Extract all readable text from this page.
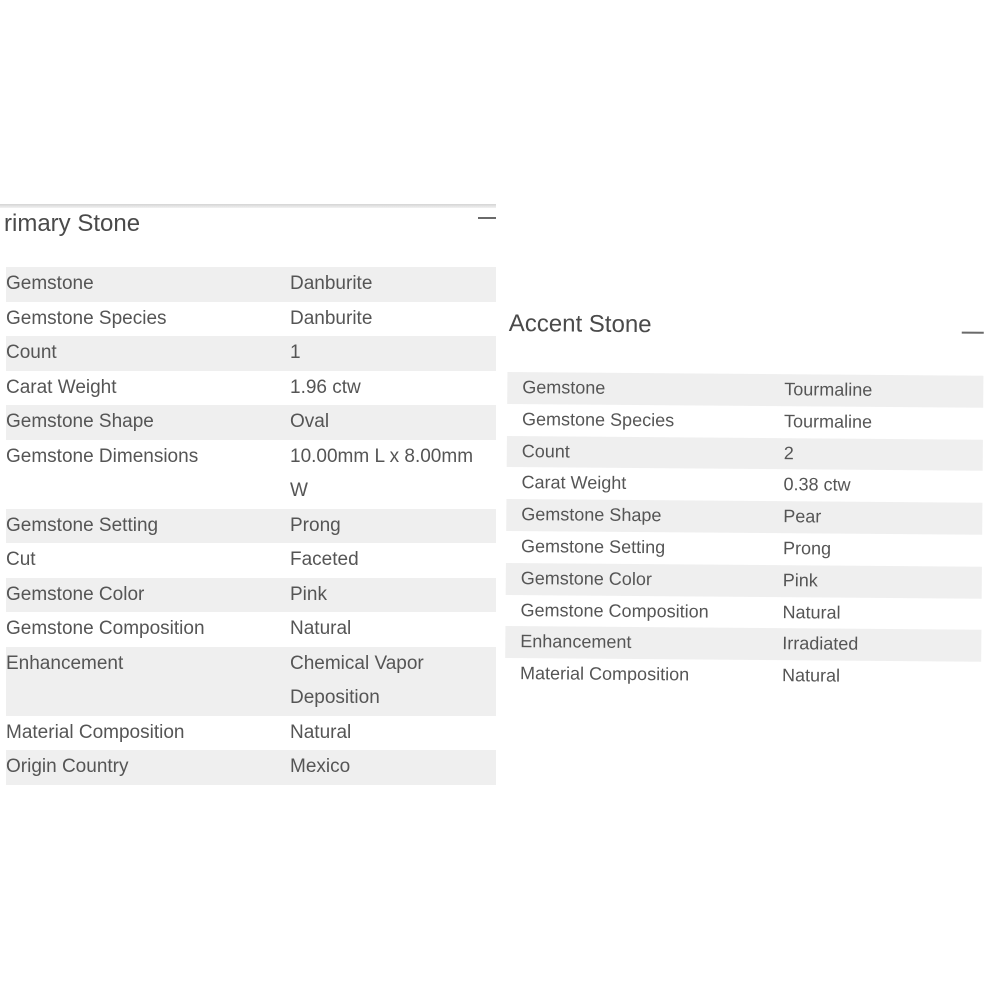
rimary Stone
Gemstone	Danburite
Gemstone Species	Danburite
Count	1
Carat Weight	1.96 ctw
Gemstone Shape	Oval
Gemstone Dimensions	10.00mm L x 8.00mm W
Gemstone Setting	Prong
Cut	Faceted
Gemstone Color	Pink
Gemstone Composition	Natural
Enhancement	Chemical Vapor Deposition
Material Composition	Natural
Origin Country	Mexico
Accent Stone
Gemstone	Tourmaline
Gemstone Species	Tourmaline
Count	2
Carat Weight	0.38 ctw
Gemstone Shape	Pear
Gemstone Setting	Prong
Gemstone Color	Pink
Gemstone Composition	Natural
Enhancement	Irradiated
Material Composition	Natural
